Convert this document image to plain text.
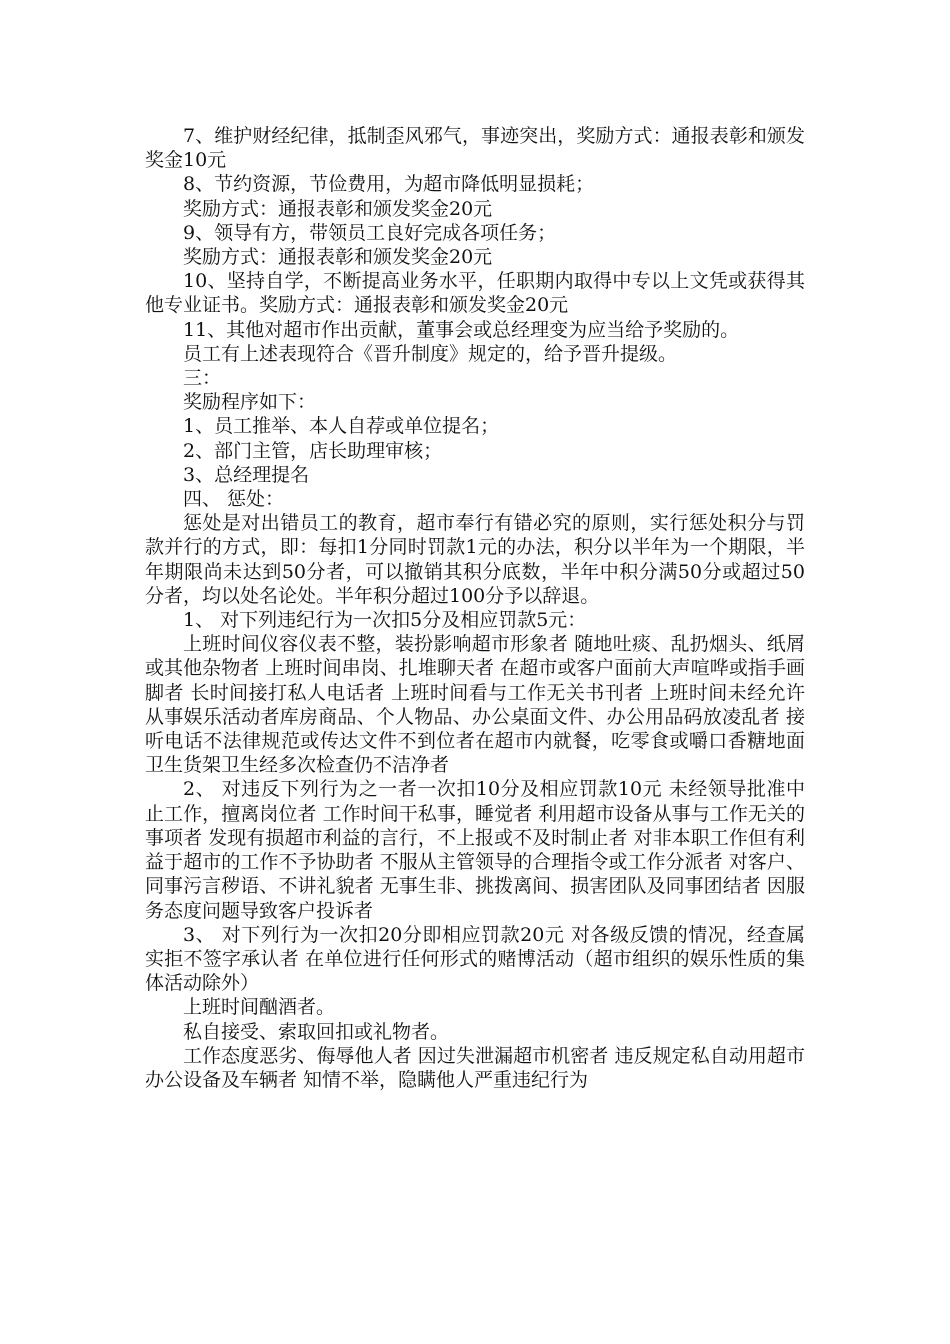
7、维护财经纪律，抵制歪风邪气，事迹突出，奖励方式：通报表彰和颁发奖金10元

8、节约资源，节俭费用，为超市降低明显损耗；

奖励方式：通报表彰和颁发奖金20元

9、领导有方，带领员工良好完成各项任务；

奖励方式：通报表彰和颁发奖金20元

10、坚持自学，不断提高业务水平，任职期内取得中专以上文凭或获得其他专业证书。奖励方式：通报表彰和颁发奖金20元

11、其他对超市作出贡献，董事会或总经理变为应当给予奖励的。

员工有上述表现符合《晋升制度》规定的，给予晋升提级。

三：

奖励程序如下：

1、员工推举、本人自荐或单位提名；

2、部门主管，店长助理审核；

3、总经理提名

四、 惩处：

惩处是对出错员工的教育，超市奉行有错必究的原则，实行惩处积分与罚款并行的方式，即：每扣1分同时罚款1元的办法，积分以半年为一个期限，半年期限尚未达到50分者，可以撤销其积分底数，半年中积分满50分或超过50分者，均以处名论处。半年积分超过100分予以辞退。

1、 对下列违纪行为一次扣5分及相应罚款5元：

上班时间仪容仪表不整，装扮影响超市形象者 随地吐痰、乱扔烟头、纸屑或其他杂物者 上班时间串岗、扎堆聊天者 在超市或客户面前大声喧哗或指手画脚者 长时间接打私人电话者 上班时间看与工作无关书刊者 上班时间未经允许从事娱乐活动者库房商品、个人物品、办公桌面文件、办公用品码放凌乱者 接听电话不法律规范或传达文件不到位者在超市内就餐，吃零食或嚼口香糖地面卫生货架卫生经多次检查仍不洁净者

2、 对违反下列行为之一者一次扣10分及相应罚款10元 未经领导批准中止工作，擅离岗位者 工作时间干私事，睡觉者 利用超市设备从事与工作无关的事项者 发现有损超市利益的言行，不上报或不及时制止者 对非本职工作但有利益于超市的工作不予协助者 不服从主管领导的合理指令或工作分派者 对客户、同事污言秽语、不讲礼貌者 无事生非、挑拨离间、损害团队及同事团结者 因服务态度问题导致客户投诉者

3、 对下列行为一次扣20分即相应罚款20元 对各级反馈的情况，经查属实拒不签字承认者 在单位进行任何形式的赌博活动（超市组织的娱乐性质的集体活动除外）

上班时间酗酒者。

私自接受、索取回扣或礼物者。

工作态度恶劣、侮辱他人者 因过失泄漏超市机密者 违反规定私自动用超市办公设备及车辆者 知情不举，隐瞒他人严重违纪行为
